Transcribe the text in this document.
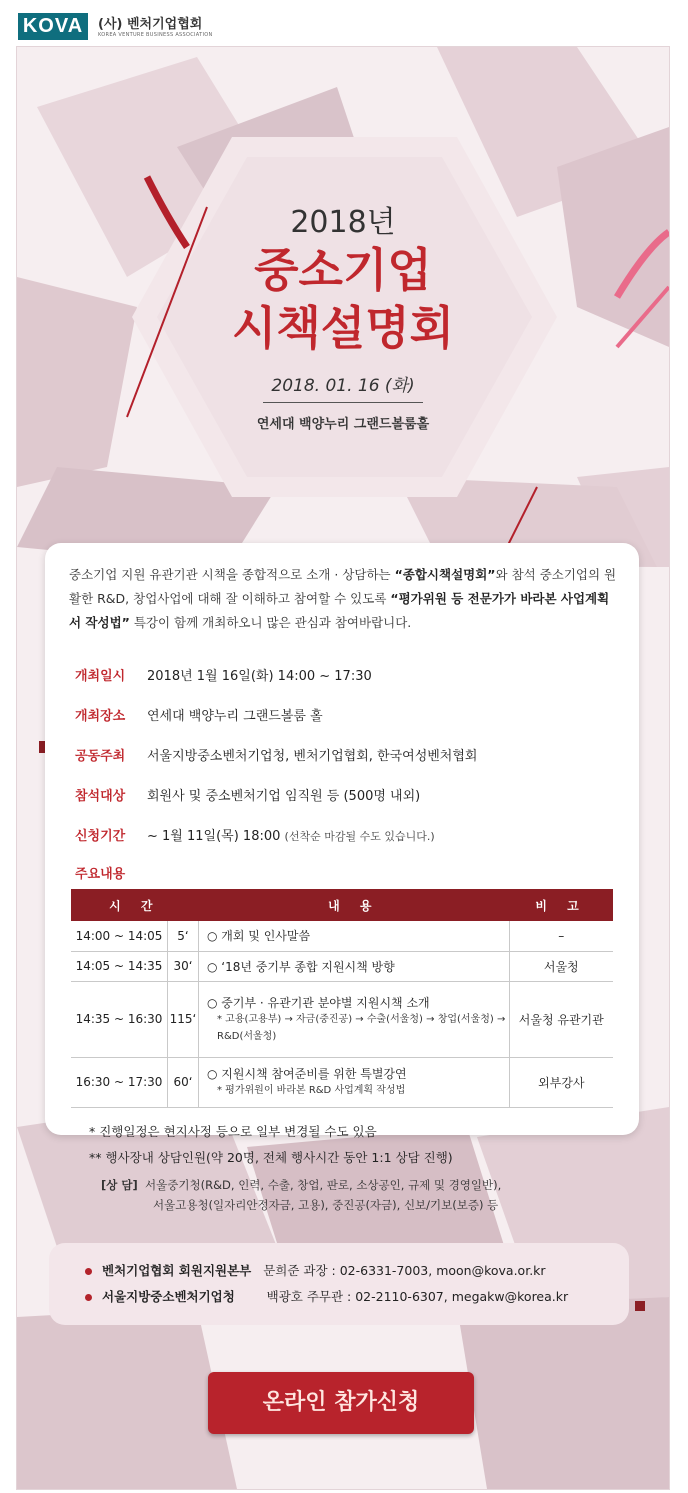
KOVA	(사) 벤처기업협회
KOREA VENTURE BUSINESS ASSOCIATION
2018년
중소기업
시책설명회
2018. 01. 16 (화)
연세대 백양누리 그랜드볼룸홀
중소기업 지원 유관기관 시책을 종합적으로 소개 · 상담하는 “종합시책설명회”와 참석 중소기업의 원활한 R&D, 창업사업에 대해 잘 이해하고 참여할 수 있도록 “평가위원 등 전문가가 바라본 사업계획서 작성법” 특강이 함께 개최하오니 많은 관심과 참여바랍니다.
개최일시 2018년 1월 16일(화) 14:00 ~ 17:30
개최장소 연세대 백양누리 그랜드볼룸 홀
공동주최 서울지방중소벤처기업청, 벤처기업협회, 한국여성벤처협회
참석대상 회원사 및 중소벤처기업 임직원 등 (500명 내외)
신청기간 ~ 1월 11일(목) 18:00 (선착순 마감될 수도 있습니다.)
주요내용
시 간		내 용	비 고
14:00 ~ 14:05	5‘	○ 개회 및 인사말씀	–
14:05 ~ 14:35	30‘	○ ‘18년 중기부 종합 지원시책 방향	서울청
14:35 ~ 16:30	115‘	○ 중기부 · 유관기관 분야별 지원시책 소개
* 고용(고용부) → 자금(중진공) → 수출(서울청) → 창업(서울청) → R&D(서울청)	서울청 유관기관
16:30 ~ 17:30	60‘	○ 지원시책 참여준비를 위한 특별강연
* 평가위원이 바라본 R&D 사업계획 작성법	외부강사
* 진행일정은 현지사정 등으로 일부 변경될 수도 있음
** 행사장내 상담인원(약 20명, 전체 행사시간 동안 1:1 상담 진행)
[상 담] 서울중기청(R&D, 인력, 수출, 창업, 판로, 소상공인, 규제 및 경영일반),
서울고용청(일자리안정자금, 고용), 중진공(자금), 신보/기보(보증) 등
벤처기업협회 회원지원본부 문희준 과장 : 02-6331-7003, moon@kova.or.kr
서울지방중소벤처기업청	백광호 주무관 : 02-2110-6307, megakw@korea.kr
온라인 참가신청
